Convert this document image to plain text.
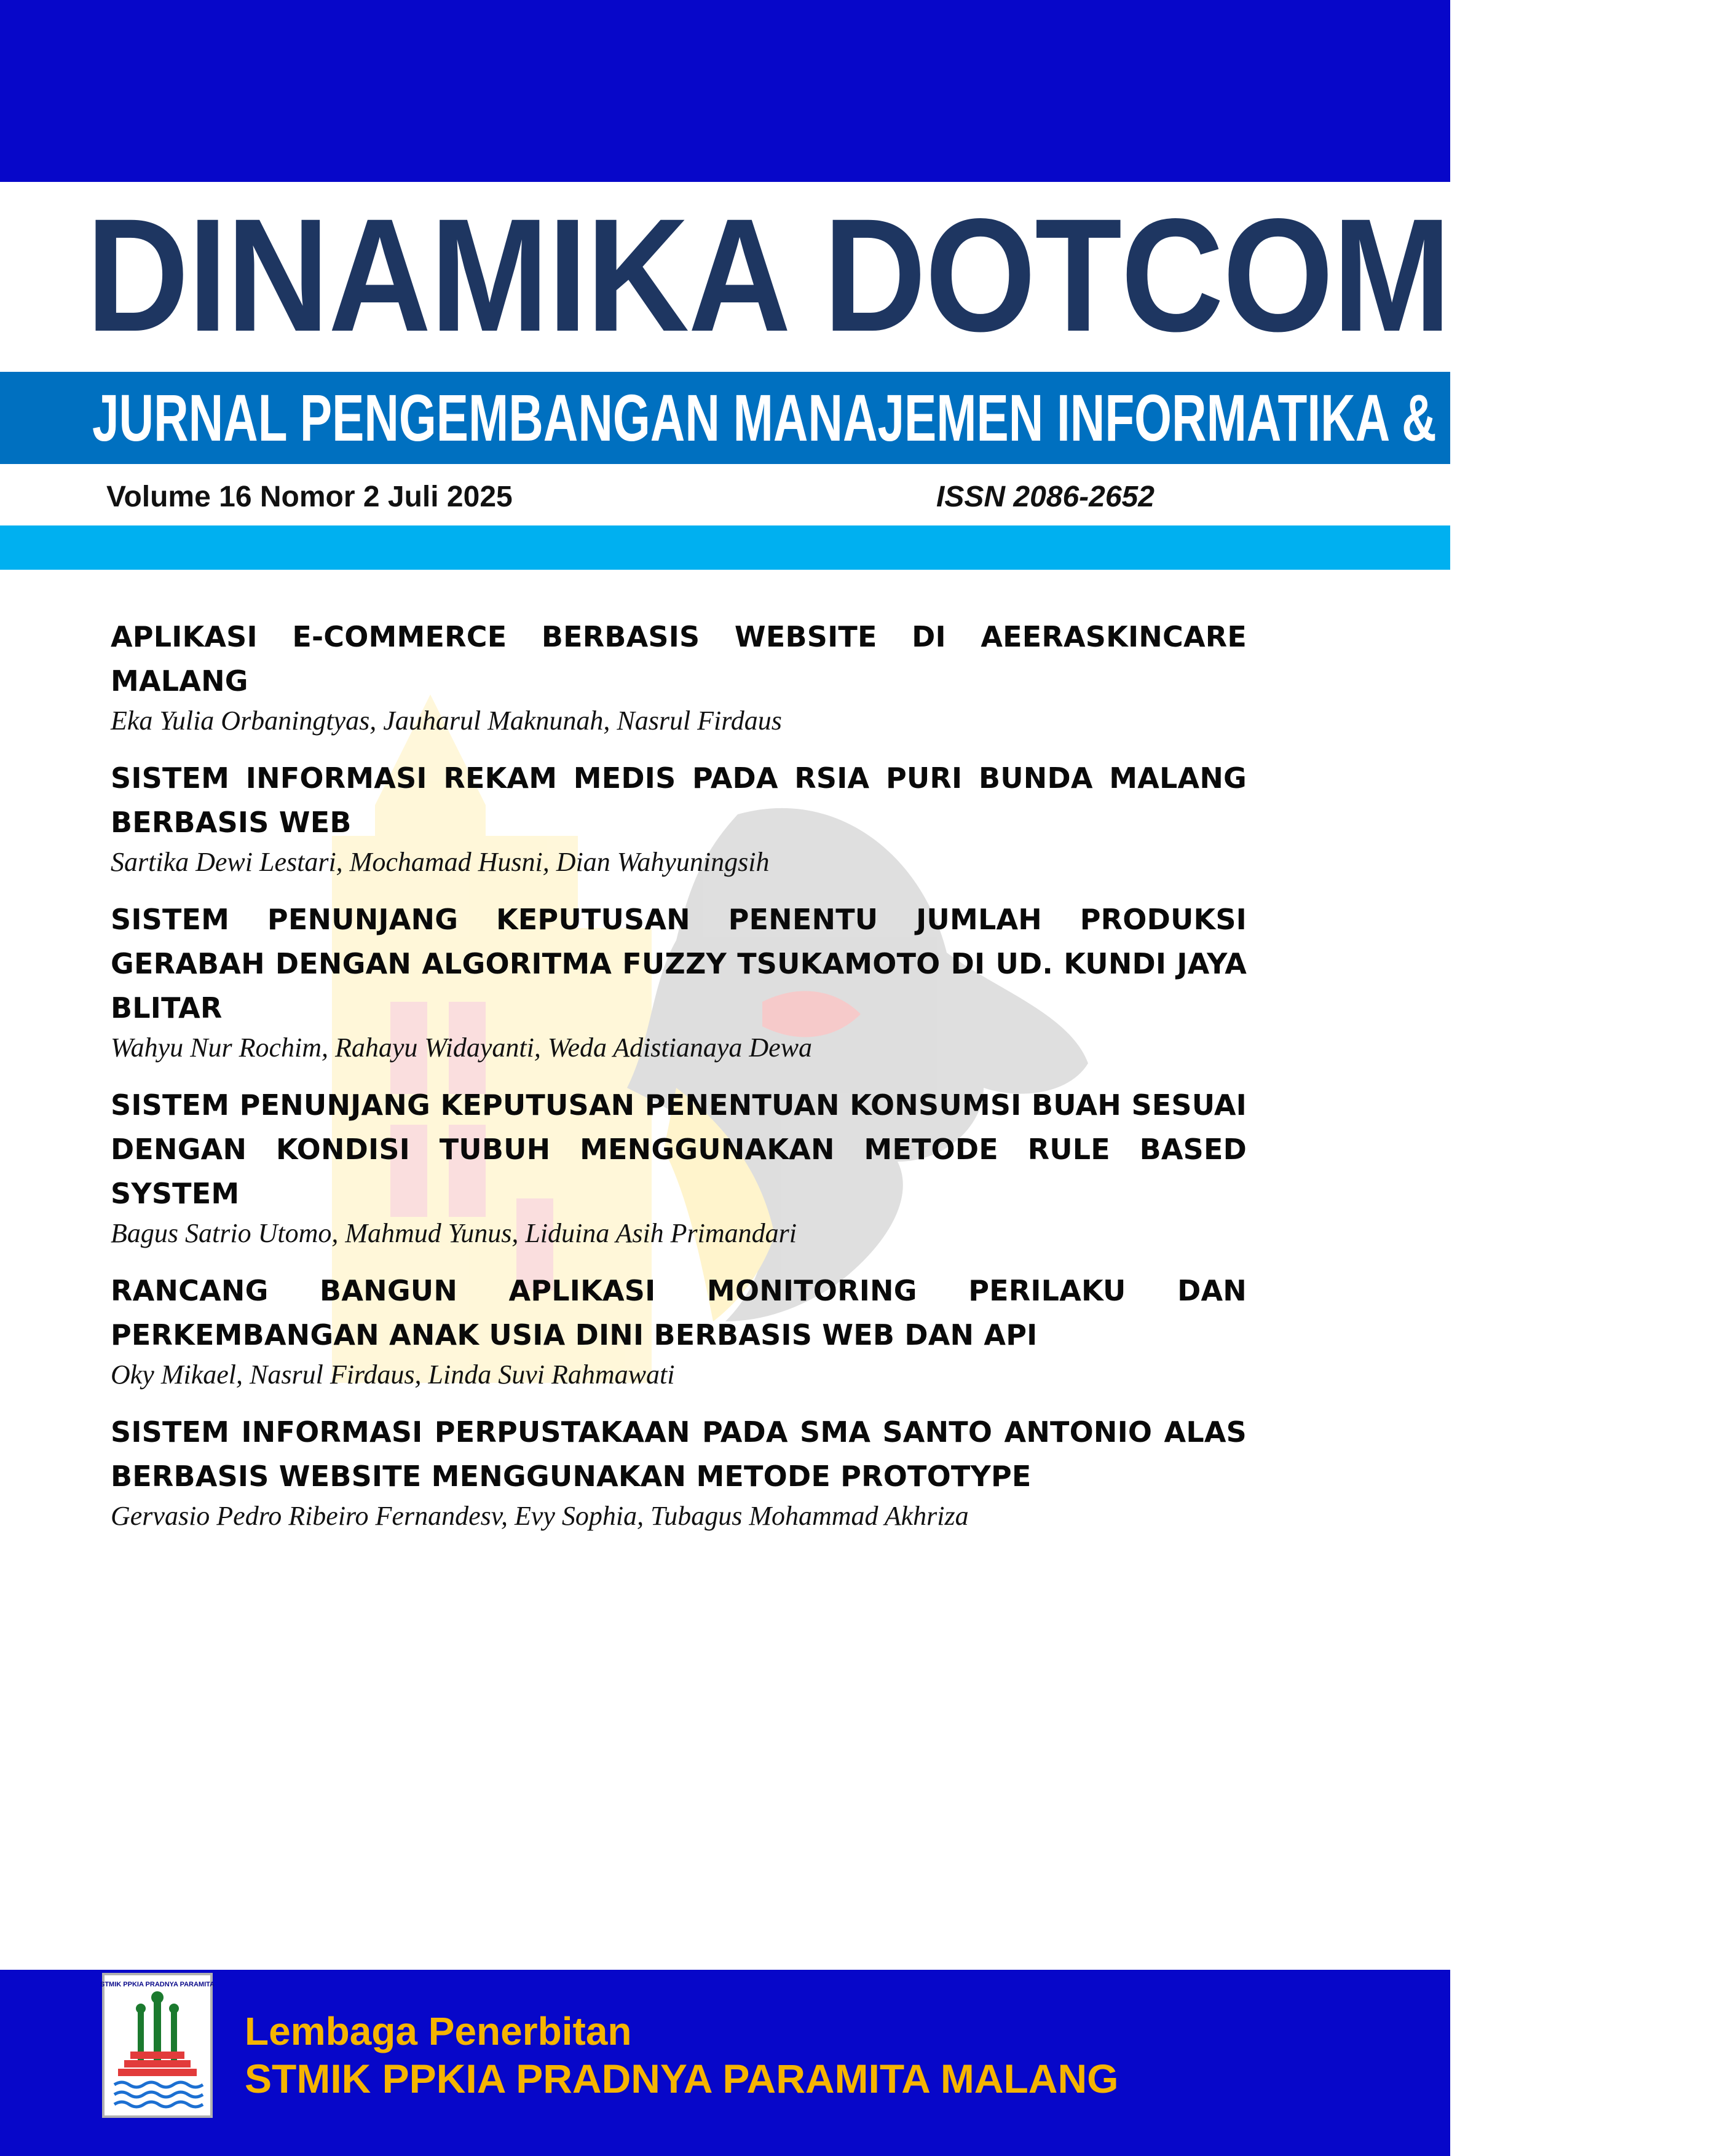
DINAMIKA DOTCOM
JURNAL PENGEMBANGAN MANAJEMEN INFORMATIKA & KOMPUTER
Volume 16 Nomor 2 Juli 2025	ISSN 2086-2652

APLIKASI E-COMMERCE BERBASIS WEBSITE DI AEERASKINCARE MALANG

Eka Yulia Orbaningtyas, Jauharul Maknunah, Nasrul Firdaus

SISTEM INFORMASI REKAM MEDIS PADA RSIA PURI BUNDA MALANG BERBASIS WEB

Sartika Dewi Lestari, Mochamad Husni, Dian Wahyuningsih

SISTEM PENUNJANG KEPUTUSAN PENENTU JUMLAH PRODUKSI GERABAH DENGAN ALGORITMA FUZZY TSUKAMOTO DI UD. KUNDI JAYA BLITAR

Wahyu Nur Rochim, Rahayu Widayanti, Weda Adistianaya Dewa

SISTEM PENUNJANG KEPUTUSAN PENENTUAN KONSUMSI BUAH SESUAI DENGAN KONDISI TUBUH MENGGUNAKAN METODE RULE BASED SYSTEM

Bagus Satrio Utomo, Mahmud Yunus, Liduina Asih Primandari

RANCANG BANGUN APLIKASI MONITORING PERILAKU DAN PERKEMBANGAN ANAK USIA DINI BERBASIS WEB DAN API

Oky Mikael, Nasrul Firdaus, Linda Suvi Rahmawati

SISTEM INFORMASI PERPUSTAKAAN PADA SMA SANTO ANTONIO ALAS BERBASIS WEBSITE MENGGUNAKAN METODE PROTOTYPE

Gervasio Pedro Ribeiro Fernandesv, Evy Sophia, Tubagus Mohammad Akhriza

STMIK PPKIA PRADNYA PARAMITA
Lembaga Penerbitan
STMIK PPKIA PRADNYA PARAMITA MALANG
